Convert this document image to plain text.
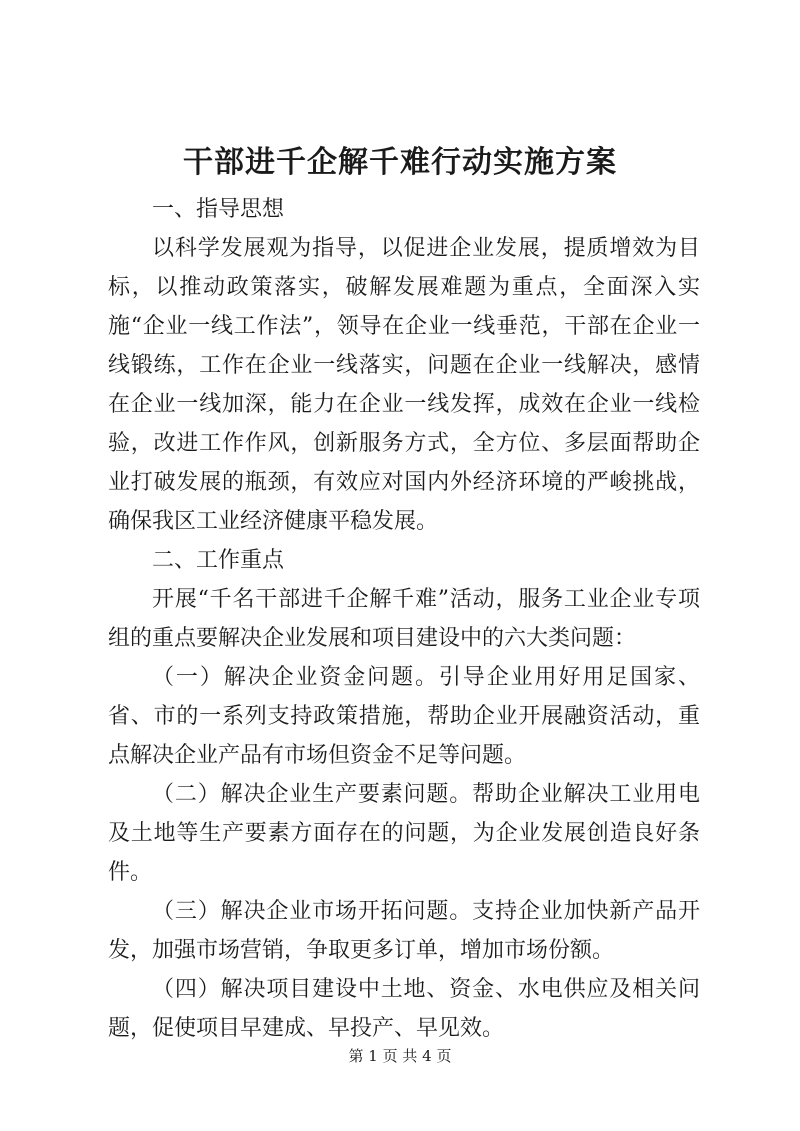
干部进千企解千难行动实施方案

一、指导思想

以科学发展观为指导，以促进企业发展，提质增效为目标，以推动政策落实，破解发展难题为重点，全面深入实施“企业一线工作法”，领导在企业一线垂范，干部在企业一线锻练，工作在企业一线落实，问题在企业一线解决，感情在企业一线加深，能力在企业一线发挥，成效在企业一线检验，改进工作作风，创新服务方式，全方位、多层面帮助企业打破发展的瓶颈，有效应对国内外经济环境的严峻挑战，确保我区工业经济健康平稳发展。

二、工作重点

开展“千名干部进千企解千难”活动，服务工业企业专项组的重点要解决企业发展和项目建设中的六大类问题：

（一）解决企业资金问题。引导企业用好用足国家、省、市的一系列支持政策措施，帮助企业开展融资活动，重点解决企业产品有市场但资金不足等问题。

（二）解决企业生产要素问题。帮助企业解决工业用电及土地等生产要素方面存在的问题，为企业发展创造良好条件。

（三）解决企业市场开拓问题。支持企业加快新产品开发，加强市场营销，争取更多订单，增加市场份额。

（四）解决项目建设中土地、资金、水电供应及相关问题，促使项目早建成、早投产、早见效。

第 1 页 共 4 页
